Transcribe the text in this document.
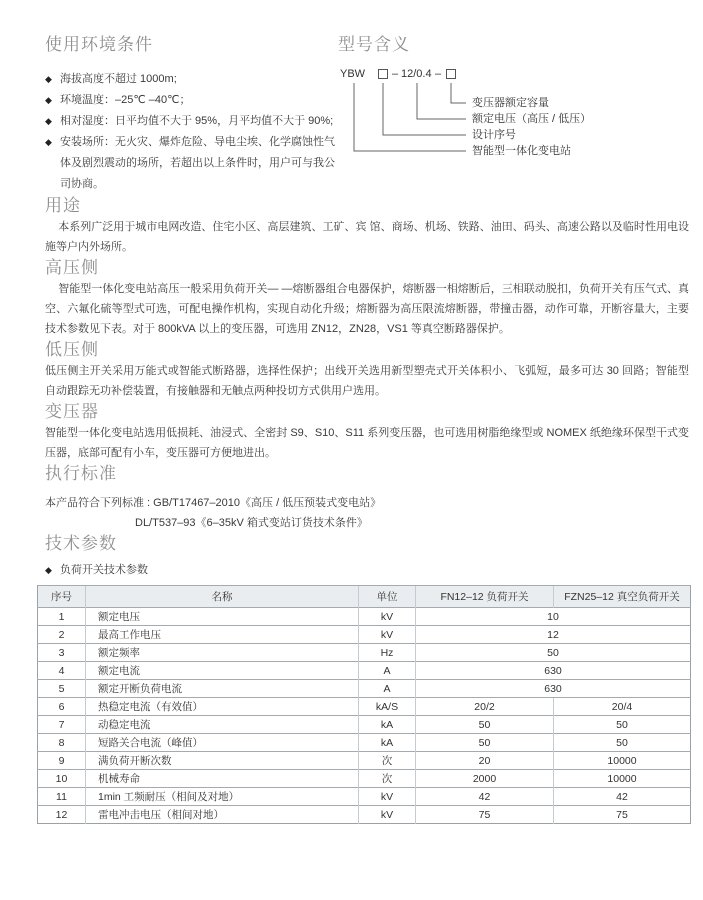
使用环境条件
◆ 海拔高度不超过 1000m;
◆ 环境温度：–25℃ –40℃；
◆ 相对湿度：日平均值不大于 95%，月平均值不大于 90%;
◆ 安装场所：无火灾、爆炸危险、导电尘埃、化学腐蚀性气体及剧烈震动的场所，若超出以上条件时，用户可与我公司协商。
型号含义
YBW – 12/0.4 –
变压器额定容量
额定电压（高压 / 低压）
设计序号
智能型一体化变电站
用途

本系列广泛用于城市电网改造、住宅小区、高层建筑、工矿、宾 馆、商场、机场、铁路、油田、码头、高速公路以及临时性用电设施等户内外场所。

高压侧

智能型一体化变电站高压一般采用负荷开关— —熔断器组合电器保护，熔断器一相熔断后，三相联动脱扣，负荷开关有压气式、真空、六氟化硫等型式可选，可配电操作机构，实现自动化升级；熔断器为高压限流熔断器，带撞击器，动作可靠，开断容量大，主要技术参数见下表。对于 800kVA 以上的变压器，可选用 ZN12，ZN28，VS1 等真空断路器保护。

低压侧

低压侧主开关采用万能式或智能式断路器，选择性保护；出线开关选用新型塑壳式开关体积小、飞弧短，最多可达 30 回路；智能型自动跟踪无功补偿装置，有接触器和无触点两种投切方式供用户选用。

变压器

智能型一体化变电站选用低损耗、油浸式、全密封 S9、S10、S11 系列变压器，也可选用树脂绝缘型或 NOMEX 纸绝缘环保型干式变压器，底部可配有小车，变压器可方便地进出。

执行标准
本产品符合下列标准 : GB/T17467–2010《高压 / 低压预装式变电站》
DL/T537–93《6–35kV 箱式变站订货技术条件》
技术参数
◆ 负荷开关技术参数
序号	名称	单位	FN12–12 负荷开关	FZN25–12 真空负荷开关
1	额定电压	kV	10	
2	最高工作电压	kV	12	
3	额定频率	Hz	50	
4	额定电流	A	630	
5	额定开断负荷电流	A	630	
6	热稳定电流（有效值）	kA/S	20/2	20/4
7	动稳定电流	kA	50	50
8	短路关合电流（峰值）	kA	50	50
9	满负荷开断次数	次	20	10000
10	机械寿命	次	2000	10000
11	1min 工频耐压（相间及对地）	kV	42	42
12	雷电冲击电压（相间对地）	kV	75	75
